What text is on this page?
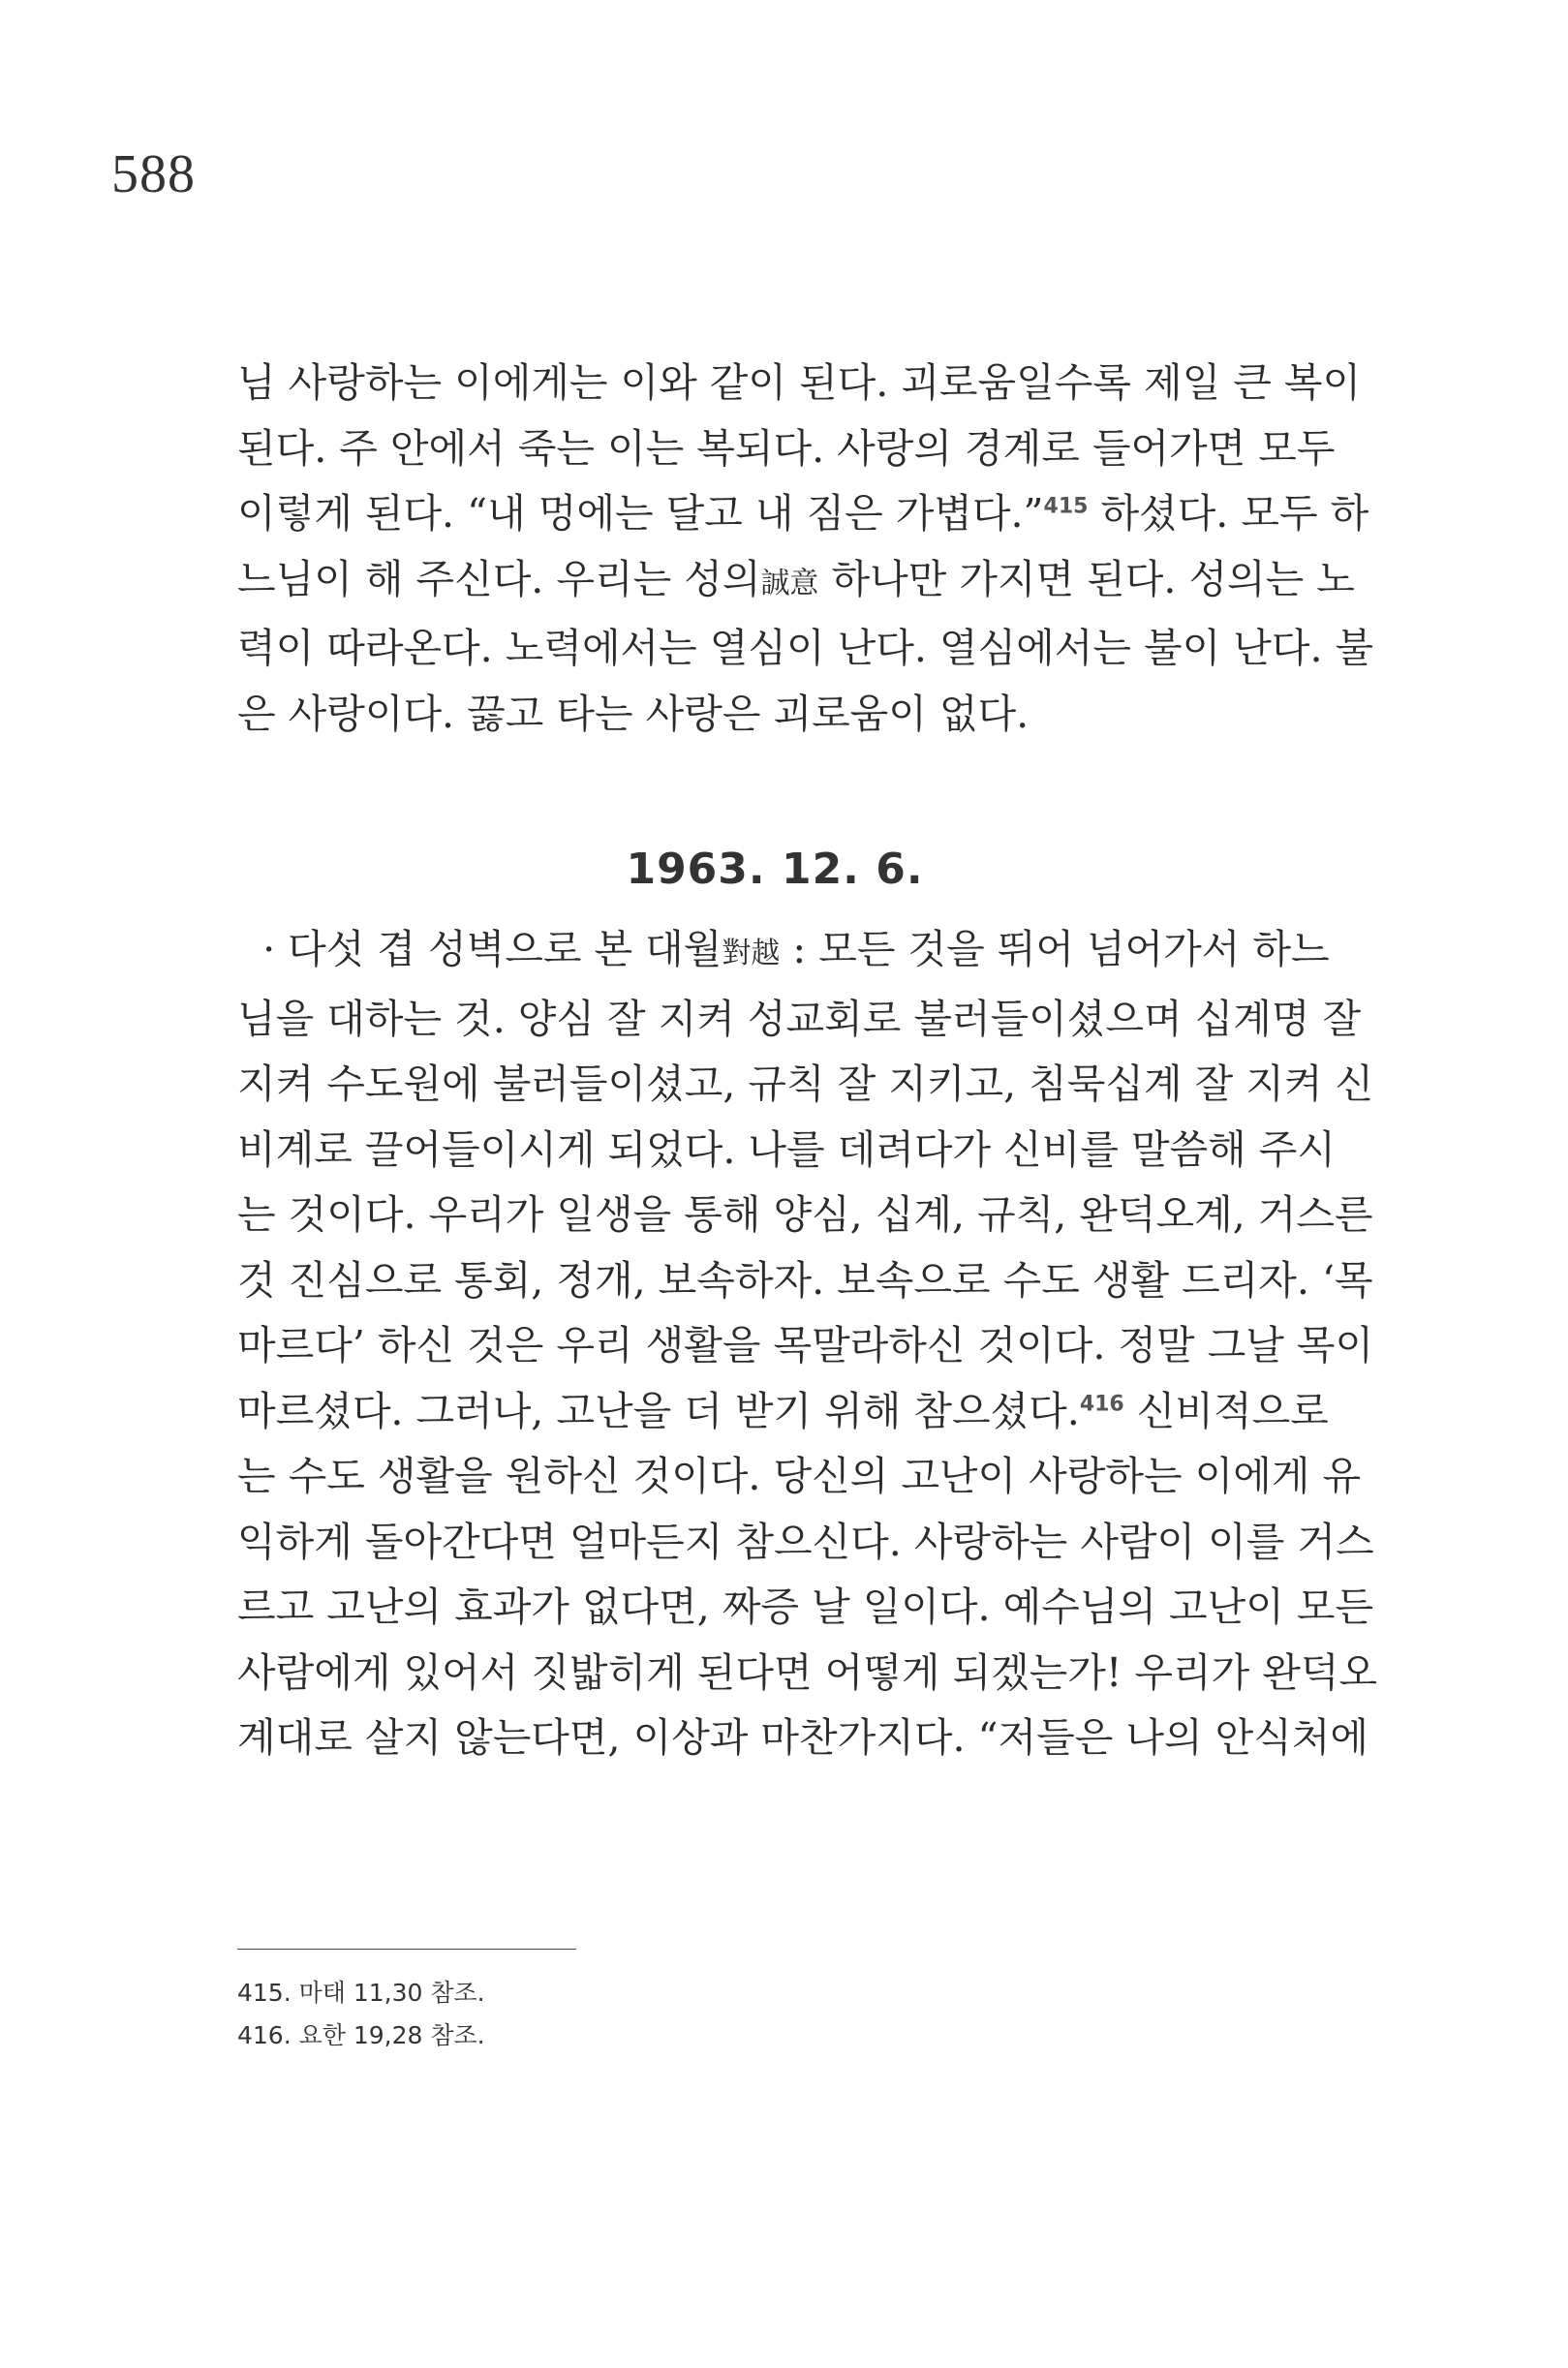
588
님 사랑하는 이에게는 이와 같이 된다. 괴로움일수록 제일 큰 복이
된다. 주 안에서 죽는 이는 복되다. 사랑의 경계로 들어가면 모두
이렇게 된다. “내 멍에는 달고 내 짐은 가볍다.”$^{415}$ 하셨다. 모두 하
느님이 해 주신다. 우리는 성의誠意 하나만 가지면 된다. 성의는 노
력이 따라온다. 노력에서는 열심이 난다. 열심에서는 불이 난다. 불
은 사랑이다. 끓고 타는 사랑은 괴로움이 없다.
1963. 12. 6.
· 다섯 겹 성벽으로 본 대월對越 : 모든 것을 뛰어 넘어가서 하느
님을 대하는 것. 양심 잘 지켜 성교회로 불러들이셨으며 십계명 잘
지켜 수도원에 불러들이셨고, 규칙 잘 지키고, 침묵십계 잘 지켜 신
비계로 끌어들이시게 되었다. 나를 데려다가 신비를 말씀해 주시
는 것이다. 우리가 일생을 통해 양심, 십계, 규칙, 완덕오계, 거스른
것 진심으로 통회, 정개, 보속하자. 보속으로 수도 생활 드리자. ‘목
마르다’ 하신 것은 우리 생활을 목말라하신 것이다. 정말 그날 목이
마르셨다. 그러나, 고난을 더 받기 위해 참으셨다.$^{416}$ 신비적으로
는 수도 생활을 원하신 것이다. 당신의 고난이 사랑하는 이에게 유
익하게 돌아간다면 얼마든지 참으신다. 사랑하는 사람이 이를 거스
르고 고난의 효과가 없다면, 짜증 날 일이다. 예수님의 고난이 모든
사람에게 있어서 짓밟히게 된다면 어떻게 되겠는가! 우리가 완덕오
계대로 살지 않는다면, 이상과 마찬가지다. “저들은 나의 안식처에
415. 마태 11,30 참조.
416. 요한 19,28 참조.
